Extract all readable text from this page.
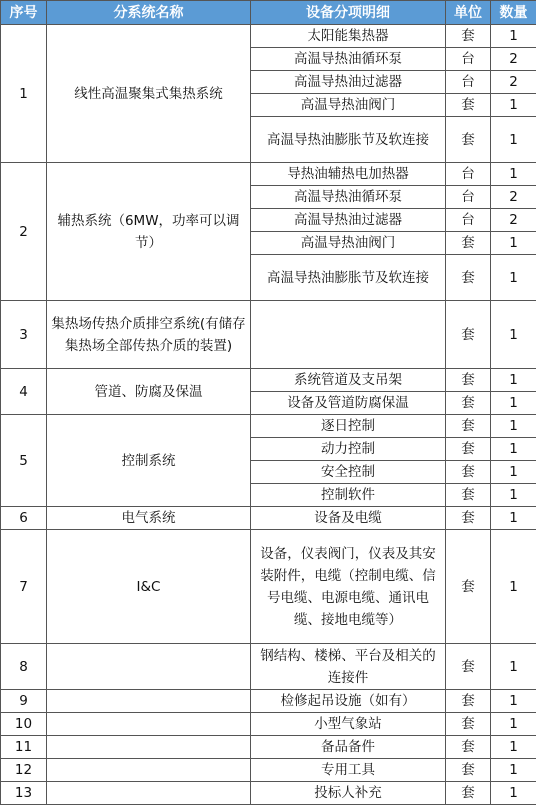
序号	分系统名称	设备分项明细	单位	数量
1	线性高温聚集式集热系统	太阳能集热器	套	1
		高温导热油循环泵	台	2
		高温导热油过滤器	台	2
		高温导热油阀门	套	1
		高温导热油膨胀节及软连接	套	1
2	辅热系统（6MW，功率可以调节）	导热油辅热电加热器	台	1
		高温导热油循环泵	台	2
		高温导热油过滤器	台	2
		高温导热油阀门	套	1
		高温导热油膨胀节及软连接	套	1
3	集热场传热介质排空系统(有储存集热场全部传热介质的装置)		套	1
4	管道、防腐及保温	系统管道及支吊架	套	1
		设备及管道防腐保温	套	1
5	控制系统	逐日控制	套	1
		动力控制	套	1
		安全控制	套	1
		控制软件	套	1
6	电气系统	设备及电缆	套	1
7	I&C	设备，仪表阀门，仪表及其安装附件，电缆（控制电缆、信号电缆、电源电缆、通讯电缆、接地电缆等）	套	1
8		钢结构、楼梯、平台及相关的连接件	套	1
9		检修起吊设施（如有）	套	1
10		小型气象站	套	1
11		备品备件	套	1
12		专用工具	套	1
13		投标人补充	套	1
